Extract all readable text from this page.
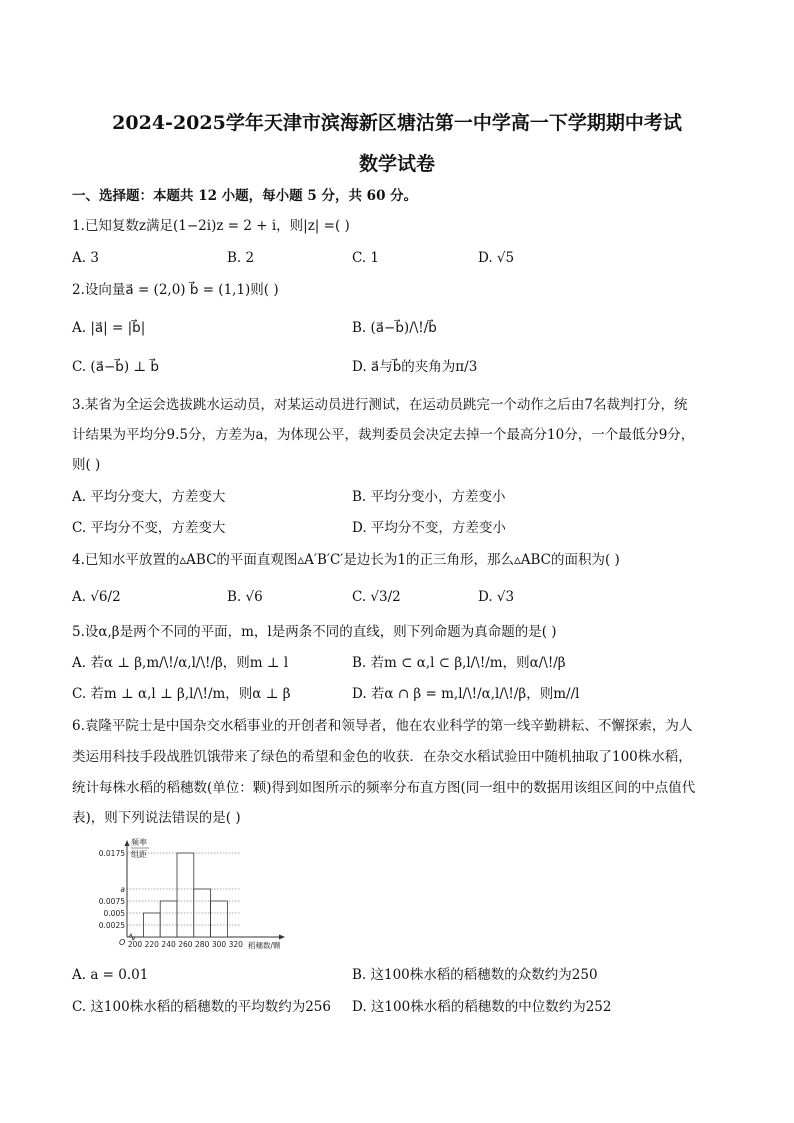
2024-2025学年天津市滨海新区塘沽第一中学高一下学期期中考试
数学试卷
一、选择题：本题共 12 小题，每小题 5 分，共 60 分。
1.已知复数z满足(1−2i)z = 2 + i，则|z| =( )
A. 3	B. 2	C. 1	D. √5
2.设向量a⃗ = (2,0) b⃗ = (1,1)则( )
A. |a⃗| = |b⃗|	B. (a⃗−b⃗)/\!/b⃗
C. (a⃗−b⃗) ⊥ b⃗	D. a⃗与b⃗的夹角为π/3
3.某省为全运会选拔跳水运动员，对某运动员进行测试，在运动员跳完一个动作之后由7名裁判打分，统
计结果为平均分9.5分，方差为a，为体现公平，裁判委员会决定去掉一个最高分10分，一个最低分9分，
则( )
A. 平均分变大，方差变大	B. 平均分变小，方差变小
C. 平均分不变，方差变大	D. 平均分不变，方差变小
4.已知水平放置的▵ABC的平面直观图▵A′B′C′是边长为1的正三角形，那么▵ABC的面积为( )
A. √6/2	B. √6	C. √3/2	D. √3
5.设α,β是两个不同的平面，m，l是两条不同的直线，则下列命题为真命题的是( )
A. 若α ⊥ β,m/\!/α,l/\!/β，则m ⊥ l	B. 若m ⊂ α,l ⊂ β,l/\!/m，则α/\!/β
C. 若m ⊥ α,l ⊥ β,l/\!/m，则α ⊥ β	D. 若α ∩ β = m,l/\!/α,l/\!/β，则m//l
6.袁隆平院士是中国杂交水稻事业的开创者和领导者，他在农业科学的第一线辛勤耕耘、不懈探索，为人
类运用科技手段战胜饥饿带来了绿色的希望和金色的收获．在杂交水稻试验田中随机抽取了100株水稻，
统计每株水稻的稻穗数(单位：颗)得到如图所示的频率分布直方图(同一组中的数据用该组区间的中点值代
表)，则下列说法错误的是( )
0.0025
0.005
0.0075
a
0.0175
200 220 240 260 280 300 320
O
频率
组距
稻穗数/颗
A. a = 0.01	B. 这100株水稻的稻穗数的众数约为250
C. 这100株水稻的稻穗数的平均数约为256 D. 这100株水稻的稻穗数的中位数约为252
